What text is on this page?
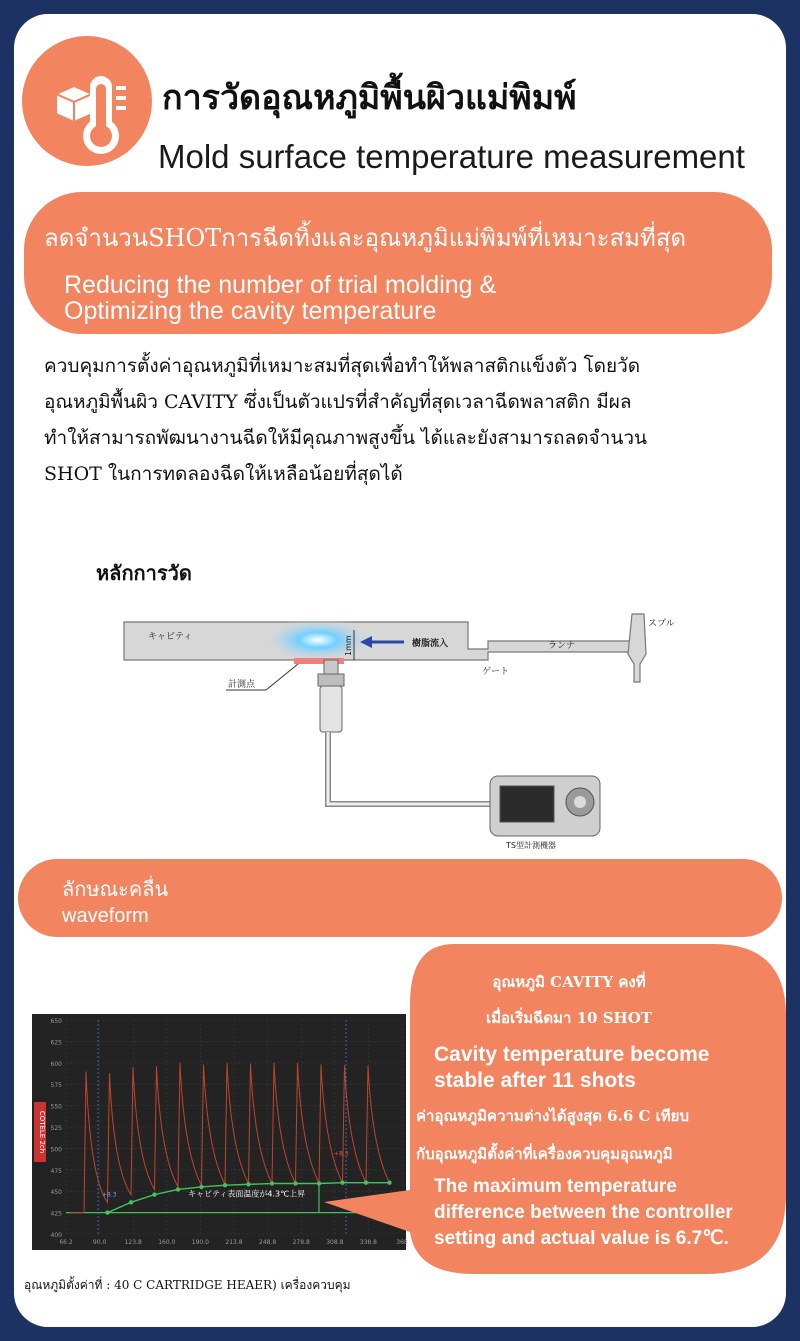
การวัดอุณหภูมิพื้นผิวแม่พิมพ์
Mold surface temperature measurement
ลดจำนวนSHOTการฉีดทิ้งและอุณหภูมิแม่พิมพ์ที่เหมาะสมที่สุด
Reducing the number of trial molding &
Optimizing the cavity temperature
ควบคุมการตั้งค่าอุณหภูมิที่เหมาะสมที่สุดเพื่อทำให้พลาสติกแข็งตัว โดยวัด
อุณหภูมิพื้นผิว CAVITY ซึ่งเป็นตัวแปรที่สำคัญที่สุดเวลาฉีดพลาสติก มีผล
ทำให้สามารถพัฒนางานฉีดให้มีคุณภาพสูงขึ้น ได้และยังสามารถลดจำนวน
SHOT ในการทดลองฉีดให้เหลือน้อยที่สุดได้
หลักการวัด
キャビティ
樹脂流入	ランナ
スプル
ゲート
1mm
計測点
TS型計測機器
ลักษณะคลื่น
waveform
650
625
600
575
550
525
500
475
450
425
400
66.2	90.0	123.8	160.0	190.0	213.8	248.8	278.8	308.8	338.8	368
+8.3
+8.3
キャビティ表面温度が4.3℃上昇
COTELE 2ch
อุณหภูมิ CAVITY คงที่
เมื่อเริ่มฉีดมา 10 SHOT
Cavity temperature become
stable after 11 shots
ค่าอุณหภูมิความต่างได้สูงสุด 6.6 C เทียบ
กับอุณหภูมิตั้งค่าที่เครื่องควบคุมอุณหภูมิ
The maximum temperature
difference between the controller
setting and actual value is 6.7℃.
อุณหภูมิตั้งค่าที่ : 40 C CARTRIDGE HEAER) เครื่องควบคุม
